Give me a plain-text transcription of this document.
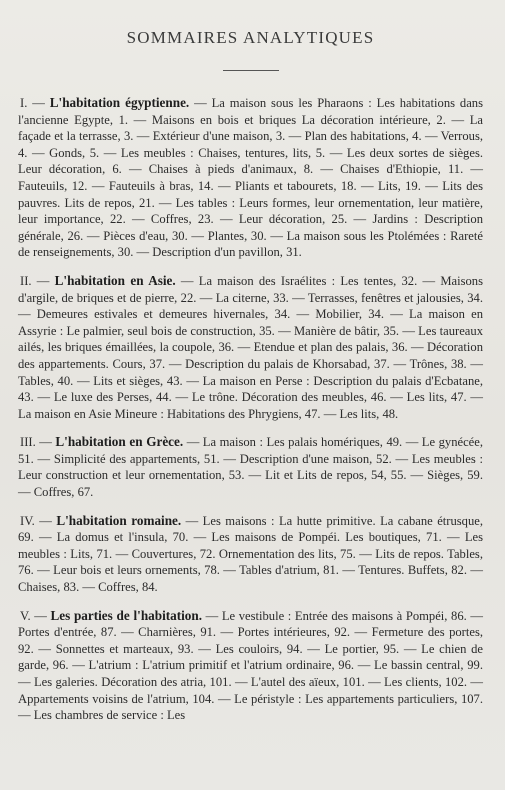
SOMMAIRES ANALYTIQUES

I. — L'habitation égyptienne. — La maison sous les Pharaons : Les habitations dans l'ancienne Egypte, 1. — Maisons en bois et briques La décoration intérieure, 2. — La façade et la terrasse, 3. — Extérieur d'une maison, 3. — Plan des habitations, 4. — Verrous, 4. — Gonds, 5. — Les meubles : Chaises, tentures, lits, 5. — Les deux sortes de sièges. Leur décoration, 6. — Chaises à pieds d'animaux, 8. — Chaises d'Ethiopie, 11. — Fauteuils, 12. — Fauteuils à bras, 14. — Pliants et tabourets, 18. — Lits, 19. — Lits des pauvres. Lits de repos, 21. — Les tables : Leurs formes, leur ornementation, leur matière, leur importance, 22. — Coffres, 23. — Leur décoration, 25. — Jardins : Description générale, 26. — Pièces d'eau, 30. — Plantes, 30. — La maison sous les Ptolémées : Rareté de renseignements, 30. — Description d'un pavillon, 31.

II. — L'habitation en Asie. — La maison des Israélites : Les tentes, 32. — Maisons d'argile, de briques et de pierre, 22. — La citerne, 33. — Terrasses, fenêtres et jalousies, 34. — Demeures estivales et demeures hivernales, 34. — Mobilier, 34. — La maison en Assyrie : Le palmier, seul bois de construction, 35. — Manière de bâtir, 35. — Les taureaux ailés, les briques émaillées, la coupole, 36. — Etendue et plan des palais, 36. — Décoration des appartements. Cours, 37. — Description du palais de Khorsabad, 37. — Trônes, 38. — Tables, 40. — Lits et sièges, 43. — La maison en Perse : Description du palais d'Ecbatane, 43. — Le luxe des Perses, 44. — Le trône. Décoration des meubles, 46. — Les lits, 47. — La maison en Asie Mineure : Habitations des Phrygiens, 47. — Les lits, 48.

III. — L'habitation en Grèce. — La maison : Les palais homériques, 49. — Le gynécée, 51. — Simplicité des appartements, 51. — Description d'une maison, 52. — Les meubles : Leur construction et leur ornementation, 53. — Lit et Lits de repos, 54, 55. — Sièges, 59. — Coffres, 67.

IV. — L'habitation romaine. — Les maisons : La hutte primitive. La cabane étrusque, 69. — La domus et l'insula, 70. — Les maisons de Pompéi. Les boutiques, 71. — Les meubles : Lits, 71. — Couvertures, 72. Ornementation des lits, 75. — Lits de repos. Tables, 76. — Leur bois et leurs ornements, 78. — Tables d'atrium, 81. — Tentures. Buffets, 82. — Chaises, 83. — Coffres, 84.

V. — Les parties de l'habitation. — Le vestibule : Entrée des maisons à Pompéi, 86. — Portes d'entrée, 87. — Charnières, 91. — Portes intérieures, 92. — Fermeture des portes, 92. — Sonnettes et marteaux, 93. — Les couloirs, 94. — Le portier, 95. — Le chien de garde, 96. — L'atrium : L'atrium primitif et l'atrium ordinaire, 96. — Le bassin central, 99. — Les galeries. Décoration des atria, 101. — L'autel des aïeux, 101. — Les clients, 102. — Appartements voisins de l'atrium, 104. — Le péristyle : Les appartements particuliers, 107. — Les chambres de service : Les
